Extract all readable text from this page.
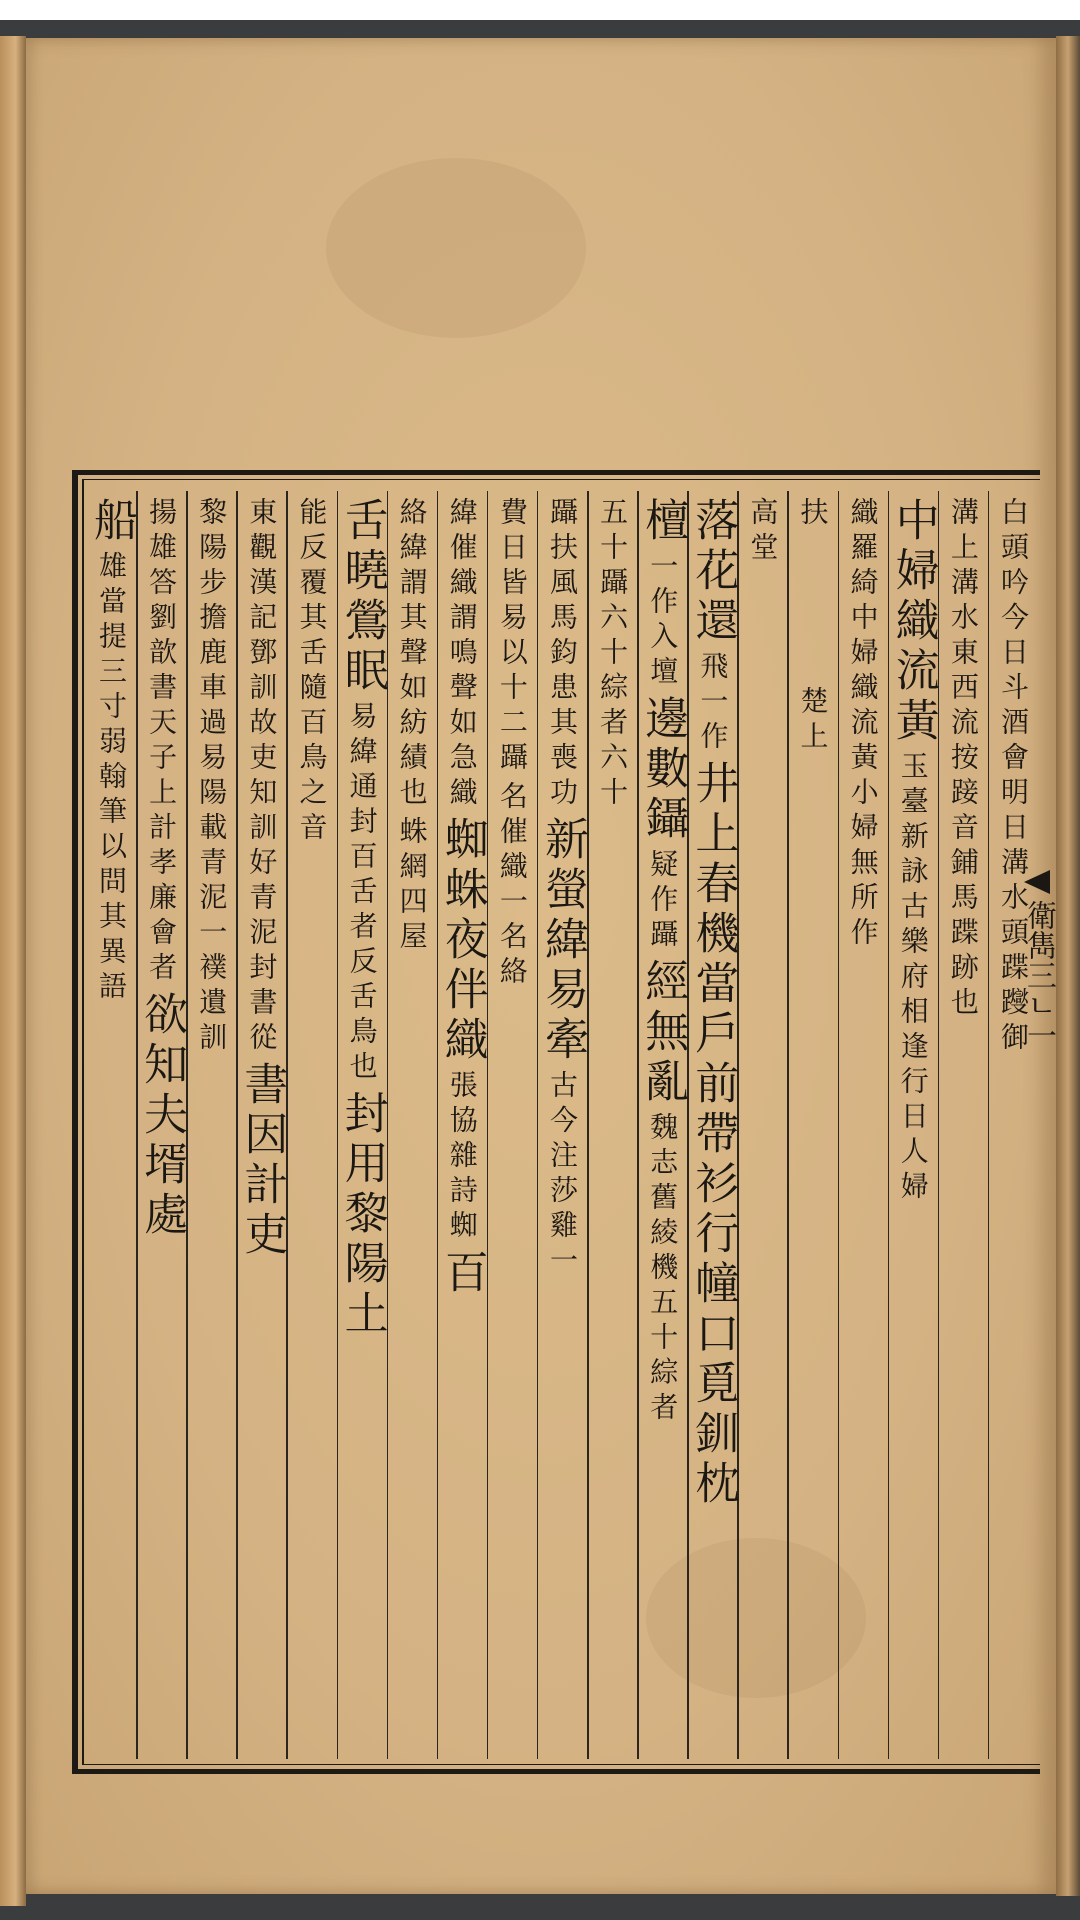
衛雋三ㄴ一
白頭吟今日斗酒會明日溝水頭蹀躞御
溝上溝水東西流按踥音鋪馬蹀跡也
中婦織流黃
玉臺新詠古樂府相逢行日人婦
織羅綺中婦織流黃小婦無所作
扶
楚上
高堂
落花還
飛一作
井上春機當戶前帶衫行幢口覓釧枕
檀
一作入壇
邊數鑷
疑作躡
經無亂
魏志舊綾機五十綜者
五十躡六十綜者六十
躡扶風馬鈞患其喪功
新螢緯易牽
古今注莎雞一
費日皆易以十二躡
名催織一名絡
緯催織謂鳴聲如急織
蜘蛛夜伴織
張協雜詩蜘
百
絡緯謂其聲如紡績也
蛛網四屋
舌曉鶯眠
易緯通封百舌者反舌鳥也
封用黎陽土
能反覆其舌隨百鳥之音
東觀漢記鄧訓故吏知訓好青泥封書從
書因計吏
黎陽步擔鹿車過易陽載青泥一襆遺訓
揚雄答劉歆書天子上計孝廉會者
欲知夫壻處
船
雄當提三寸弱翰筆以問其異語
